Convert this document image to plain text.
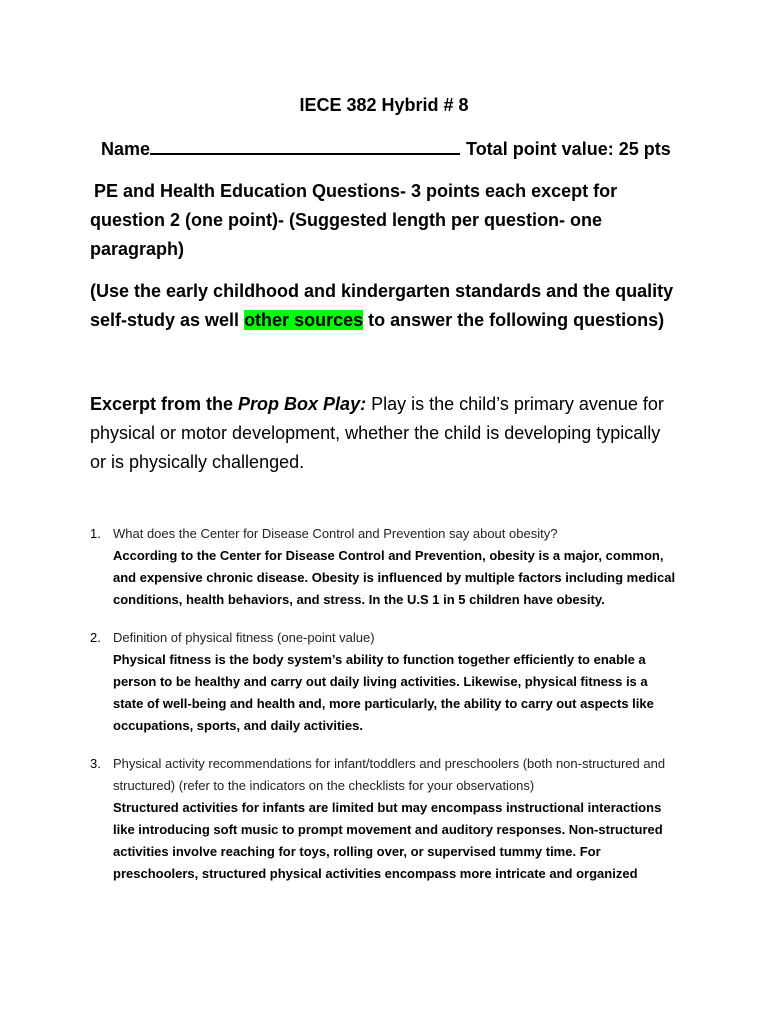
IECE 382 Hybrid # 8
Name	Total point value: 25 pts
PE and Health Education Questions- 3 points each except for question 2 (one point)- (Suggested length per question- one paragraph)
(Use the early childhood and kindergarten standards and the quality self-study as well other sources to answer the following questions)
Excerpt from the Prop Box Play: Play is the child’s primary avenue for physical or motor development, whether the child is developing typically or is physically challenged.
1. What does the Center for Disease Control and Prevention say about obesity?
According to the Center for Disease Control and Prevention, obesity is a major, common, and expensive chronic disease. Obesity is influenced by multiple factors including medical conditions, health behaviors, and stress. In the U.S 1 in 5 children have obesity.
2. Definition of physical fitness (one-point value)
Physical fitness is the body system’s ability to function together efficiently to enable a person to be healthy and carry out daily living activities. Likewise, physical fitness is a state of well-being and health and, more particularly, the ability to carry out aspects like occupations, sports, and daily activities.
3. Physical activity recommendations for infant/toddlers and preschoolers (both non-structured and structured) (refer to the indicators on the checklists for your observations)
Structured activities for infants are limited but may encompass instructional interactions like introducing soft music to prompt movement and auditory responses. Non-structured activities involve reaching for toys, rolling over, or supervised tummy time. For preschoolers, structured physical activities encompass more intricate and organized
